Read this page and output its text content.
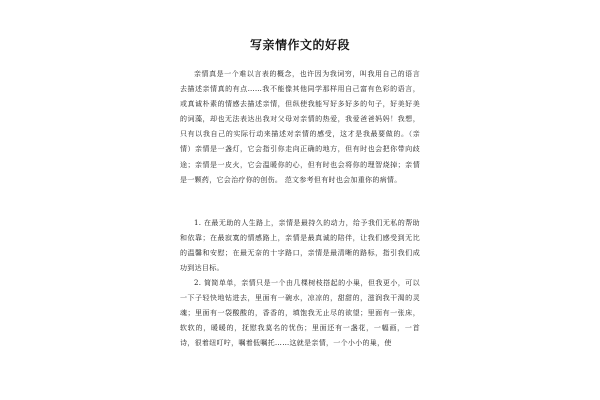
写亲情作文的好段

亲情真是一个难以言表的概念，也许因为我词穷，叫我用自己的语言去描述亲情真的有点……我不能像其他同学那样用自己富有色彩的语言，或真诚朴素的情感去描述亲情，但纵使我能写好多好多的句子，好美好美的词藻，却也无法表达出我对父母对亲情的热爱，我爱爸爸妈妈！我想，只有以我自己的实际行动来描述对亲情的感受，这才是我最要做的。（亲情）亲情是一盏灯，它会指引你走向正确的地方，但有时也会把你带向歧途；亲情是一皮火，它会温暖你的心，但有时也会将你的理智烧掉；亲情是一颗药，它会治疗你的创伤。 范文参考但有时也会加重你的病情。

1. 在最无助的人生路上，亲情是最持久的动力，给予我们无私的帮助和依靠；在最寂寞的情感路上，亲情是最真诚的陪伴，让我们感受到无比的温馨和安慰；在最无奈的十字路口，亲情是最清晰的路标，指引我们成功到达目标。

2. 简简单单，亲情只是一个由几棵树枝搭起的小巢，但我更小，可以一下子轻快地钻进去，里面有一碗水，凉凉的，甜甜的，滋润我干渴的灵魂；里面有一袋酸酸的，香香的，填饱我无止尽的欲望；里面有一张床，软软的，暖暖的，抚慰我莫名的忧伤；里面还有一盏花，一幅画，一首诗，很着纽叮咛，嘱着低嘱托……这就是亲情，一个小小的巢，使
